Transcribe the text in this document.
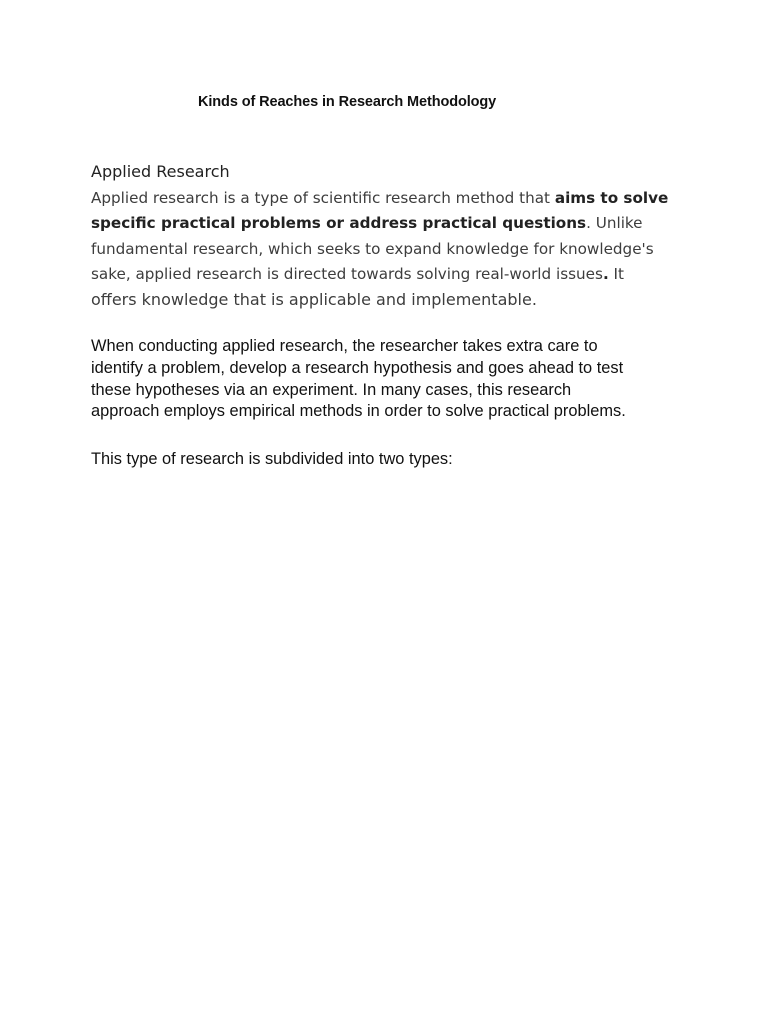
Kinds of Reaches in Research Methodology
Applied Research
Applied research is a type of scientific research method that aims to solve
specific practical problems or address practical questions. Unlike
fundamental research, which seeks to expand knowledge for knowledge's
sake, applied research is directed towards solving real-world issues. It
offers knowledge that is applicable and implementable.
When conducting applied research, the researcher takes extra care to
identify a problem, develop a research hypothesis and goes ahead to test
these hypotheses via an experiment. In many cases, this research
approach employs empirical methods in order to solve practical problems.
This type of research is subdivided into two types:
